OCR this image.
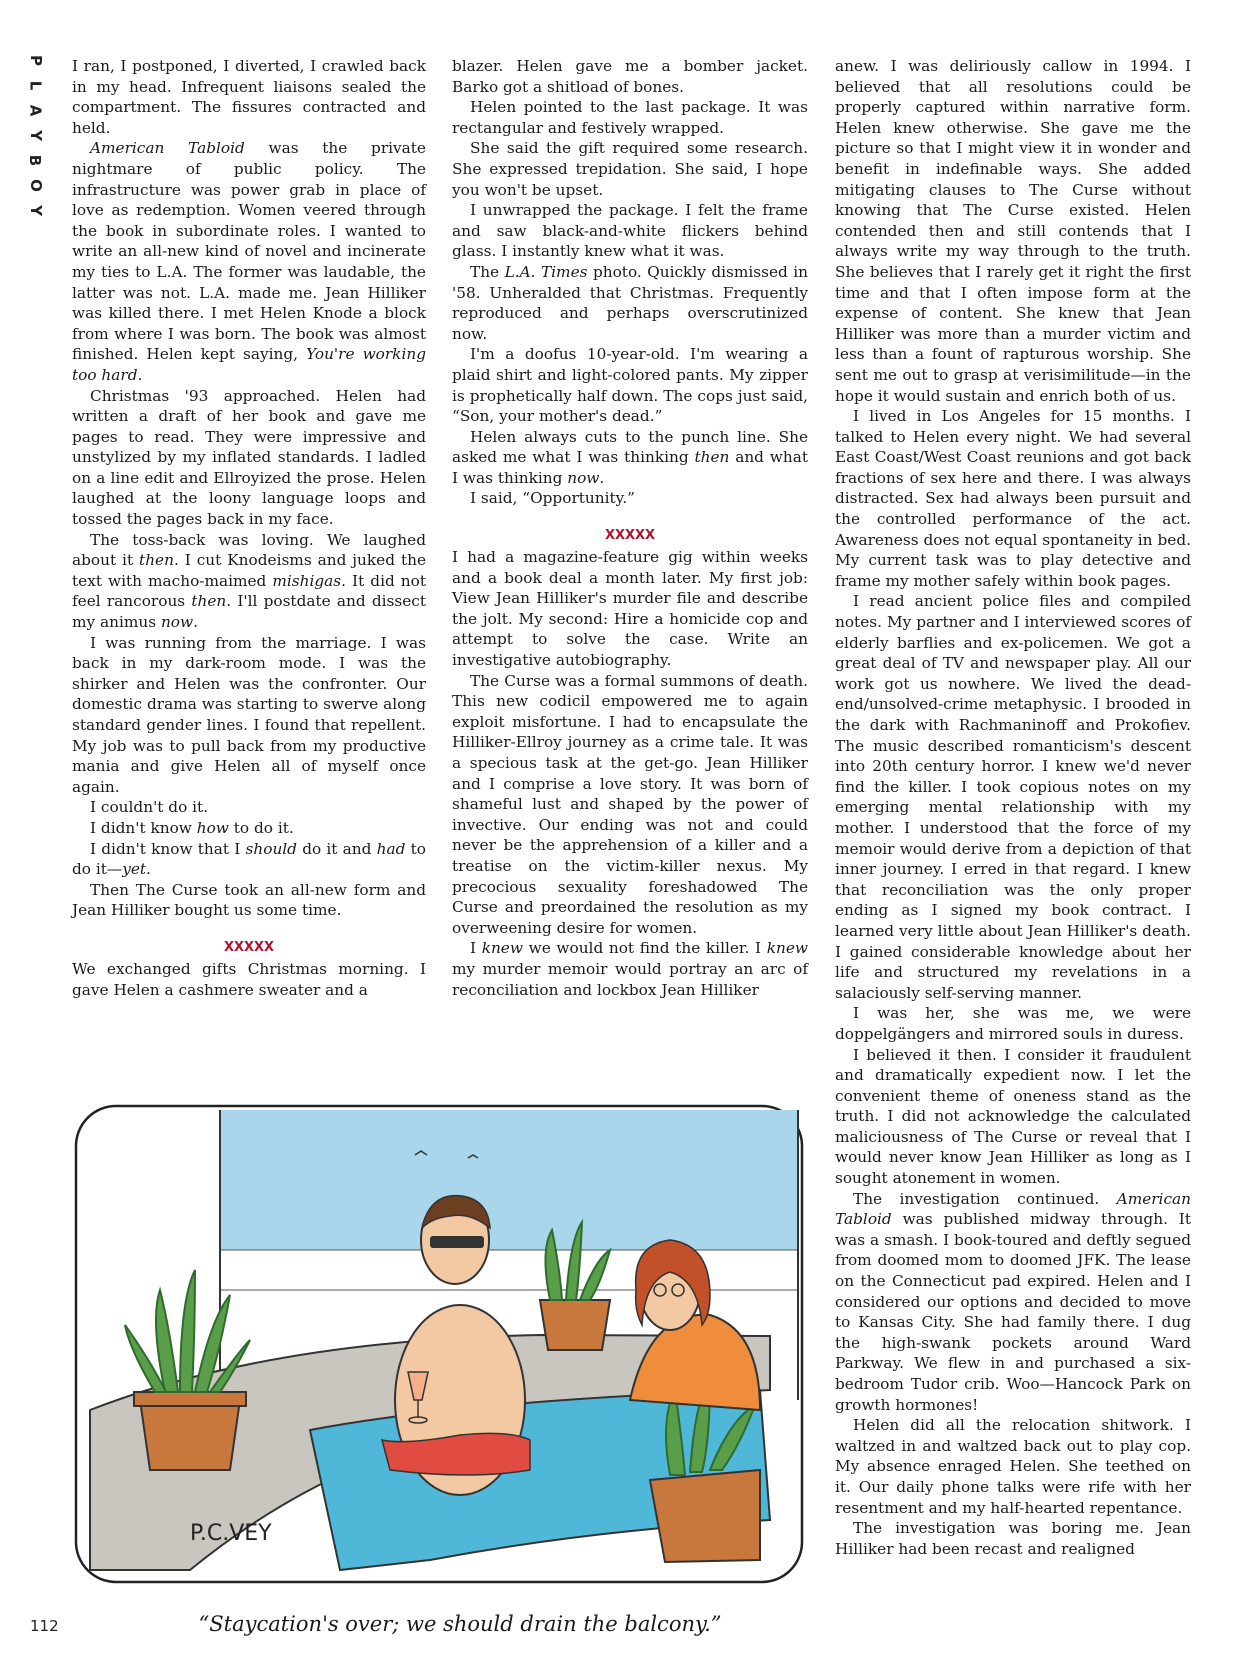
P
L
A
Y
B
O
Y

I ran, I postponed, I diverted, I crawled back in my head. Infrequent liaisons sealed the compartment. The fissures contracted and held.

American Tabloid was the private nightmare of public policy. The infrastructure was power grab in place of love as redemption. Women veered through the book in subordinate roles. I wanted to write an all-new kind of novel and incinerate my ties to L.A. The former was laudable, the latter was not. L.A. made me. Jean Hilliker was killed there. I met Helen Knode a block from where I was born. The book was almost finished. Helen kept saying, You're working too hard.

Christmas '93 approached. Helen had written a draft of her book and gave me pages to read. They were impressive and unstylized by my inflated standards. I ladled on a line edit and Ellroyized the prose. Helen laughed at the loony language loops and tossed the pages back in my face.

The toss-back was loving. We laughed about it then. I cut Knodeisms and juked the text with macho-maimed mishigas. It did not feel rancorous then. I'll postdate and dissect my animus now.

I was running from the marriage. I was back in my dark-room mode. I was the shirker and Helen was the confronter. Our domestic drama was starting to swerve along standard gender lines. I found that repellent. My job was to pull back from my productive mania and give Helen all of myself once again.

I couldn't do it.

I didn't know how to do it.

I didn't know that I should do it and had to do it—yet.

Then The Curse took an all-new form and Jean Hilliker bought us some time.

XXXXX

We exchanged gifts Christmas morning. I gave Helen a cashmere sweater and a

blazer. Helen gave me a bomber jacket. Barko got a shitload of bones.

Helen pointed to the last package. It was rectangular and festively wrapped.

She said the gift required some research. She expressed trepidation. She said, I hope you won't be upset.

I unwrapped the package. I felt the frame and saw black-and-white flickers behind glass. I instantly knew what it was.

The L.A. Times photo. Quickly dismissed in '58. Unheralded that Christmas. Frequently reproduced and perhaps overscrutinized now.

I'm a doofus 10-year-old. I'm wearing a plaid shirt and light-colored pants. My zipper is prophetically half down. The cops just said, “Son, your mother's dead.”

Helen always cuts to the punch line. She asked me what I was thinking then and what I was thinking now.

I said, “Opportunity.”

XXXXX

I had a magazine-feature gig within weeks and a book deal a month later. My first job: View Jean Hilliker's murder file and describe the jolt. My second: Hire a homicide cop and attempt to solve the case. Write an investigative autobiography.

The Curse was a formal summons of death. This new codicil empowered me to again exploit misfortune. I had to encapsulate the Hilliker-Ellroy journey as a crime tale. It was a specious task at the get-go. Jean Hilliker and I comprise a love story. It was born of shameful lust and shaped by the power of invective. Our ending was not and could never be the apprehension of a killer and a treatise on the victim-killer nexus. My precocious sexuality foreshadowed The Curse and preordained the resolution as my overweening desire for women.

I knew we would not find the killer. I knew my murder memoir would portray an arc of reconciliation and lockbox Jean Hilliker

anew. I was deliriously callow in 1994. I believed that all resolutions could be properly captured within narrative form. Helen knew otherwise. She gave me the picture so that I might view it in wonder and benefit in indefinable ways. She added mitigating clauses to The Curse without knowing that The Curse existed. Helen contended then and still contends that I always write my way through to the truth. She believes that I rarely get it right the first time and that I often impose form at the expense of content. She knew that Jean Hilliker was more than a murder victim and less than a fount of rapturous worship. She sent me out to grasp at verisimilitude—in the hope it would sustain and enrich both of us.

I lived in Los Angeles for 15 months. I talked to Helen every night. We had several East Coast/West Coast reunions and got back fractions of sex here and there. I was always distracted. Sex had always been pursuit and the controlled performance of the act. Awareness does not equal spontaneity in bed. My current task was to play detective and frame my mother safely within book pages.

I read ancient police files and compiled notes. My partner and I interviewed scores of elderly barflies and ex-policemen. We got a great deal of TV and newspaper play. All our work got us nowhere. We lived the dead-end/unsolved-crime metaphysic. I brooded in the dark with Rachmaninoff and Prokofiev. The music described romanticism's descent into 20th century horror. I knew we'd never find the killer. I took copious notes on my emerging mental relationship with my mother. I understood that the force of my memoir would derive from a depiction of that inner journey. I erred in that regard. I knew that reconciliation was the only proper ending as I signed my book contract. I learned very little about Jean Hilliker's death. I gained considerable knowledge about her life and structured my revelations in a salaciously self-serving manner.

I was her, she was me, we were doppelgängers and mirrored souls in duress.

I believed it then. I consider it fraudulent and dramatically expedient now. I let the convenient theme of oneness stand as the truth. I did not acknowledge the calculated maliciousness of The Curse or reveal that I would never know Jean Hilliker as long as I sought atonement in women.

The investigation continued. American Tabloid was published midway through. It was a smash. I book-toured and deftly segued from doomed mom to doomed JFK. The lease on the Connecticut pad expired. Helen and I considered our options and decided to move to Kansas City. She had family there. I dug the high-swank pockets around Ward Parkway. We flew in and purchased a six-bedroom Tudor crib. Woo—Hancock Park on growth hormones!

Helen did all the relocation shitwork. I waltzed in and waltzed back out to play cop. My absence enraged Helen. She teethed on it. Our daily phone talks were rife with her resentment and my half-hearted repentance.

The investigation was boring me. Jean Hilliker had been recast and realigned

P.C.VEY
“Staycation's over; we should drain the balcony.”
112
